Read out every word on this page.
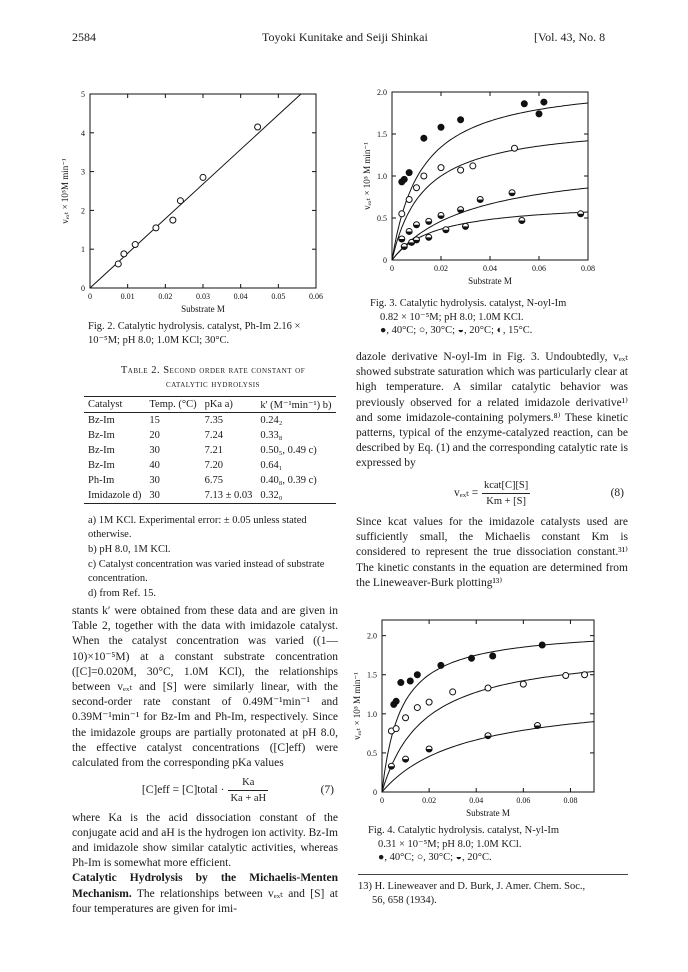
2584	Toyoki Kunitake and Seiji Shinkai	[Vol. 43, No. 8
0
1
2
3
4
5
0	0.01	0.02	0.03	0.04	0.05	0.06
Substrate M
vₑₓₜ × 10⁵M min⁻¹
Fig. 2. Catalytic hydrolysis. catalyst, Ph-Im 2.16 × 10⁻⁵M; pH 8.0; 1.0M KCl; 30°C.
0
0.5
1.0
1.5
2.0
0	0.02	0.04	0.06	0.08
Substrate M
vₑₓₜ × 10⁵ M min⁻¹
Fig. 3. Catalytic hydrolysis. catalyst, N-oyl-Im
0.82 × 10⁻⁵M; pH 8.0; 1.0M KCl.
●, 40°C; ○, 30°C; ◒, 20°C; ◐, 15°C.
Table 2. Second order rate constant of
catalytic hydrolysis
Catalyst	Temp. (°C)	pKa a)	k' (M⁻¹min⁻¹) b)
Bz-Im	15	7.35	0.24₂
Bz-Im	20	7.24	0.33₈
Bz-Im	30	7.21	0.50₅, 0.49 c)
Bz-Im	40	7.20	0.64₁
Ph-Im	30	6.75	0.40₈, 0.39 c)
Imidazole d)	30	7.13 ± 0.03	0.32₀
a) 1M KCl. Experimental error: ± 0.05 unless stated otherwise.
b) pH 8.0, 1M KCl.
c) Catalyst concentration was varied instead of substrate concentration.
d) from Ref. 15.

stants k′ were obtained from these data and are given in Table 2, together with the data with imidazole catalyst. When the catalyst concentration was varied ((1—10)×10⁻⁵M) at a constant substrate concentration ([C]=0.020M, 30°C, 1.0M KCl), the relationships between vₑₓₜ and [S] were similarly linear, with the second-order rate constant of 0.49M⁻¹min⁻¹ and 0.39M⁻¹min⁻¹ for Bz-Im and Ph-Im, respectively. Since the imidazole groups are partially protonated at pH 8.0, the effective catalyst concentrations ([C]eff) were calculated from the corresponding pKa values

[C]eff = [C]total · $\frac{Ka}{Ka + aH}$	(7)

where Ka is the acid dissociation constant of the conjugate acid and aH is the hydrogen ion activity. Bz-Im and imidazole show similar catalytic activities, whereas Ph-Im is somewhat more efficient.

Catalytic Hydrolysis by the Michaelis-Menten Mechanism. The relationships between vₑₓₜ and [S] at four temperatures are given for imi-

dazole derivative N-oyl-Im in Fig. 3. Undoubtedly, vₑₓₜ showed substrate saturation which was particularly clear at high temperature. A similar catalytic behavior was previously observed for a related imidazole derivative¹⁾ and some imidazole-containing polymers.⁸⁾ These kinetic patterns, typical of the enzyme-catalyzed reaction, can be described by Eq. (1) and the corresponding catalytic rate is expressed by

vₑₓₜ =
kcat[C][S]
Km + [S]
(8)

Since kcat values for the imidazole catalysts used are sufficiently small, the Michaelis constant Km is considered to represent the true dissociation constant.³¹⁾ The kinetic constants in the equation are determined from the Lineweaver-Burk plotting¹³⁾

0
0.5
1.0
1.5
2.0
0	0.02	0.04	0.06	0.08
Substrate M
vₑₓₜ × 10⁵ M min⁻¹
Fig. 4. Catalytic hydrolysis. catalyst, N-yl-Im
0.31 × 10⁻⁵M; pH 8.0; 1.0M KCl.
●, 40°C; ○, 30°C; ◒, 20°C.
13) H. Lineweaver and D. Burk, J. Amer. Chem. Soc.,
56, 658 (1934).
